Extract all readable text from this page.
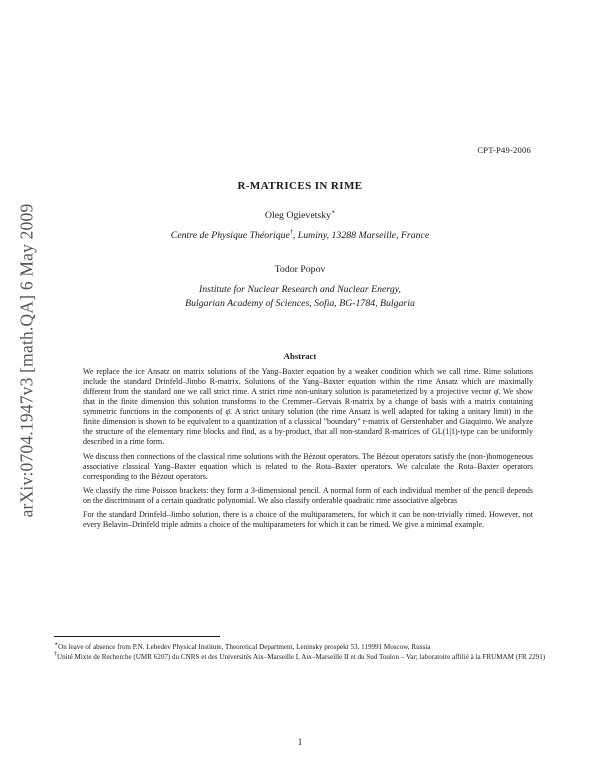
arXiv:0704.1947v3 [math.QA] 6 May 2009
CPT-P49-2006
R-MATRICES IN RIME
Oleg Ogievetsky∗
Centre de Physique Théorique†, Luminy, 13288 Marseille, France
Todor Popov
Institute for Nuclear Research and Nuclear Energy,
Bulgarian Academy of Sciences, Sofia, BG-1784, Bulgaria
Abstract

We replace the ice Ansatz on matrix solutions of the Yang–Baxter equation by a weaker condition which we call rime. Rime solutions include the standard Drinfeld–Jimbo R-matrix. Solutions of the Yang–Baxter equation within the rime Ansatz which are maximally different from the standard one we call strict rime. A strict rime non-unitary solution is parameterized by a projective vector φ̄. We show that in the finite dimension this solution transforms to the Cremmer–Gervais R-matrix by a change of basis with a matrix containing symmetric functions in the components of φ̄. A strict unitary solution (the rime Ansatz is well adapted for taking a unitary limit) in the finite dimension is shown to be equivalent to a quantization of a classical "boundary" r-matrix of Gerstenhaber and Giaquinto. We analyze the structure of the elementary rime blocks and find, as a by-product, that all non-standard R-matrices of GL(1|1)-type can be uniformly described in a rime form.

We discuss then connections of the classical rime solutions with the Bézout operators. The Bézout operators satisfy the (non-)homogeneous associative classical Yang–Baxter equation which is related to the Rota–Baxter operators. We calculate the Rota–Baxter operators corresponding to the Bézout operators.

We classify the rime Poisson brackets: they form a 3-dimensional pencil. A normal form of each individual member of the pencil depends on the discriminant of a certain quadratic polynomial. We also classify orderable quadratic rime associative algebras

For the standard Drinfeld–Jimbo solution, there is a choice of the multiparameters, for which it can be non-trivially rimed. However, not every Belavin–Drinfeld triple admits a choice of the multiparameters for which it can be rimed. We give a minimal example.

∗On leave of absence from P.N. Lebedev Physical Institute, Theoretical Department, Leninsky prospekt 53, 119991 Moscow, Russia

†Unité Mixte de Recherche (UMR 6207) du CNRS et des Universités Aix–Marseille I, Aix–Marseille II et du Sud Toulon – Var; laboratoire affilié à la FRUMAM (FR 2291)

1
